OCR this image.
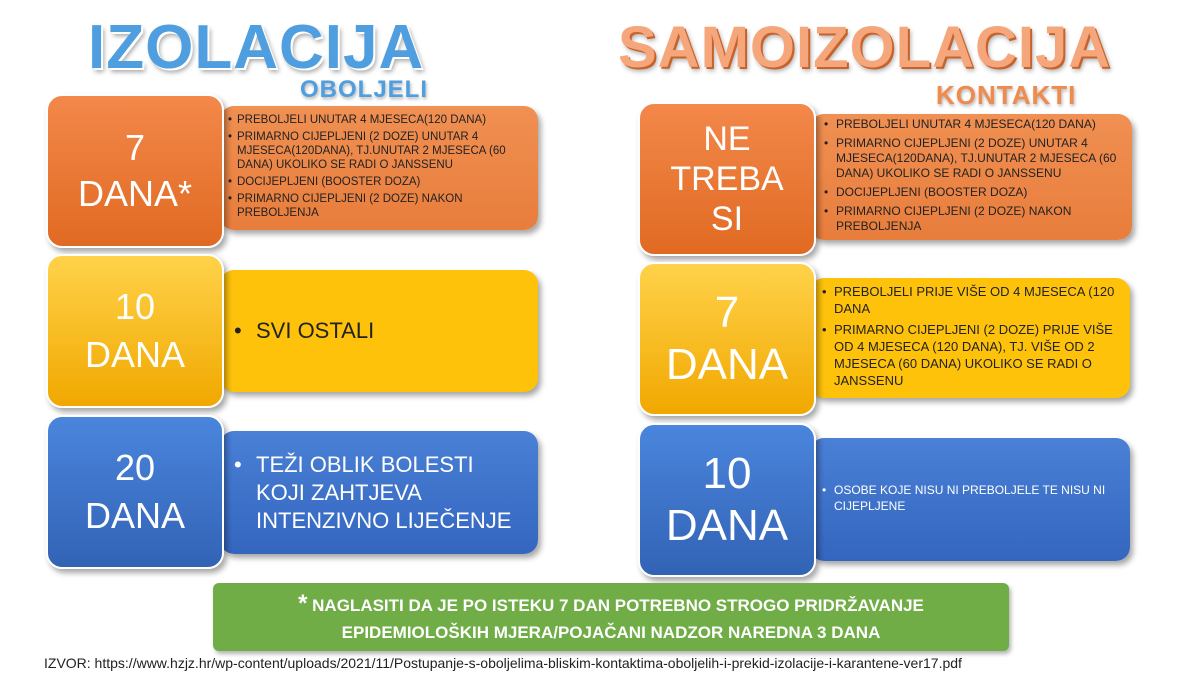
IZOLACIJA
OBOLJELI
SAMOIZOLACIJA
KONTAKTI
• PREBOLJELI UNUTAR 4 MJESECA(120 DANA)
• PRIMARNO CIJEPLJENI (2 DOZE) UNUTAR 4 MJESECA(120DANA), TJ.UNUTAR 2 MJESECA (60 DANA) UKOLIKO SE RADI O JANSSENU
• DOCIJEPLJENI (BOOSTER DOZA)
• PRIMARNO CIJEPLJENI (2 DOZE) NAKON PREBOLJENJA
7
DANA*
• SVI OSTALI
10
DANA
• TEŽI OBLIK BOLESTI KOJI ZAHTJEVA INTENZIVNO LIJEČENJE
20
DANA
• PREBOLJELI UNUTAR 4 MJESECA(120 DANA)
• PRIMARNO CIJEPLJENI (2 DOZE) UNUTAR 4 MJESECA(120DANA), TJ.UNUTAR 2 MJESECA (60 DANA) UKOLIKO SE RADI O JANSSENU
• DOCIJEPLJENI (BOOSTER DOZA)
• PRIMARNO CIJEPLJENI (2 DOZE) NAKON PREBOLJENJA
NE
TREBA
SI
• PREBOLJELI PRIJE VIŠE OD 4 MJESECA (120 DANA
• PRIMARNO CIJEPLJENI (2 DOZE) PRIJE VIŠE OD 4 MJESECA (120 DANA), TJ. VIŠE OD 2 MJESECA (60 DANA) UKOLIKO SE RADI O JANSSENU
7
DANA
• OSOBE KOJE NISU NI PREBOLJELE TE NISU NI CIJEPLJENE
10
DANA
* NAGLASITI DA JE PO ISTEKU 7 DAN POTREBNO STROGO PRIDRŽAVANJE
EPIDEMIOLOŠKIH MJERA/POJAČANI NADZOR NAREDNA 3 DANA
IZVOR: https://www.hzjz.hr/wp-content/uploads/2021/11/Postupanje-s-oboljelima-bliskim-kontaktima-oboljelih-i-prekid-izolacije-i-karantene-ver17.pdf
